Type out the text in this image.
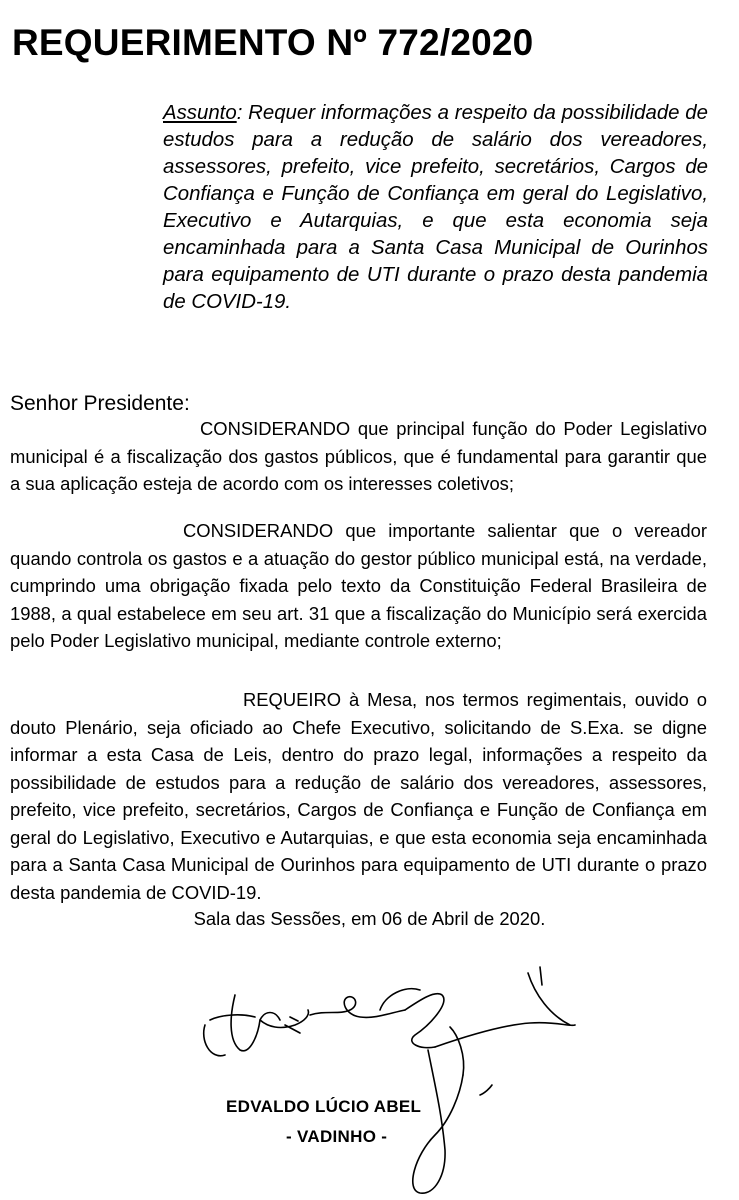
REQUERIMENTO Nº 772/2020

Assunto: Requer informações a respeito da possibilidade de estudos para a redução de salário dos vereadores, assessores, prefeito, vice prefeito, secretários, Cargos de Confiança e Função de Confiança em geral do Legislativo, Executivo e Autarquias, e que esta economia seja encaminhada para a Santa Casa Municipal de Ourinhos para equipamento de UTI durante o prazo desta pandemia de COVID-19.

Senhor Presidente:

CONSIDERANDO que principal função do Poder Legislativo municipal é a fiscalização dos gastos públicos, que é fundamental para garantir que a sua aplicação esteja de acordo com os interesses coletivos;

CONSIDERANDO que importante salientar que o vereador quando controla os gastos e a atuação do gestor público municipal está, na verdade, cumprindo uma obrigação fixada pelo texto da Constituição Federal Brasileira de 1988, a qual estabelece em seu art. 31 que a fiscalização do Município será exercida pelo Poder Legislativo municipal, mediante controle externo;

REQUEIRO à Mesa, nos termos regimentais, ouvido o douto Plenário, seja oficiado ao Chefe Executivo, solicitando de S.Exa. se digne informar a esta Casa de Leis, dentro do prazo legal, informações a respeito da possibilidade de estudos para a redução de salário dos vereadores, assessores, prefeito, vice prefeito, secretários, Cargos de Confiança e Função de Confiança em geral do Legislativo, Executivo e Autarquias, e que esta economia seja encaminhada para a Santa Casa Municipal de Ourinhos para equipamento de UTI durante o prazo desta pandemia de COVID-19.

Sala das Sessões, em 06 de Abril de 2020.

EDVALDO LÚCIO ABEL

- VADINHO -
